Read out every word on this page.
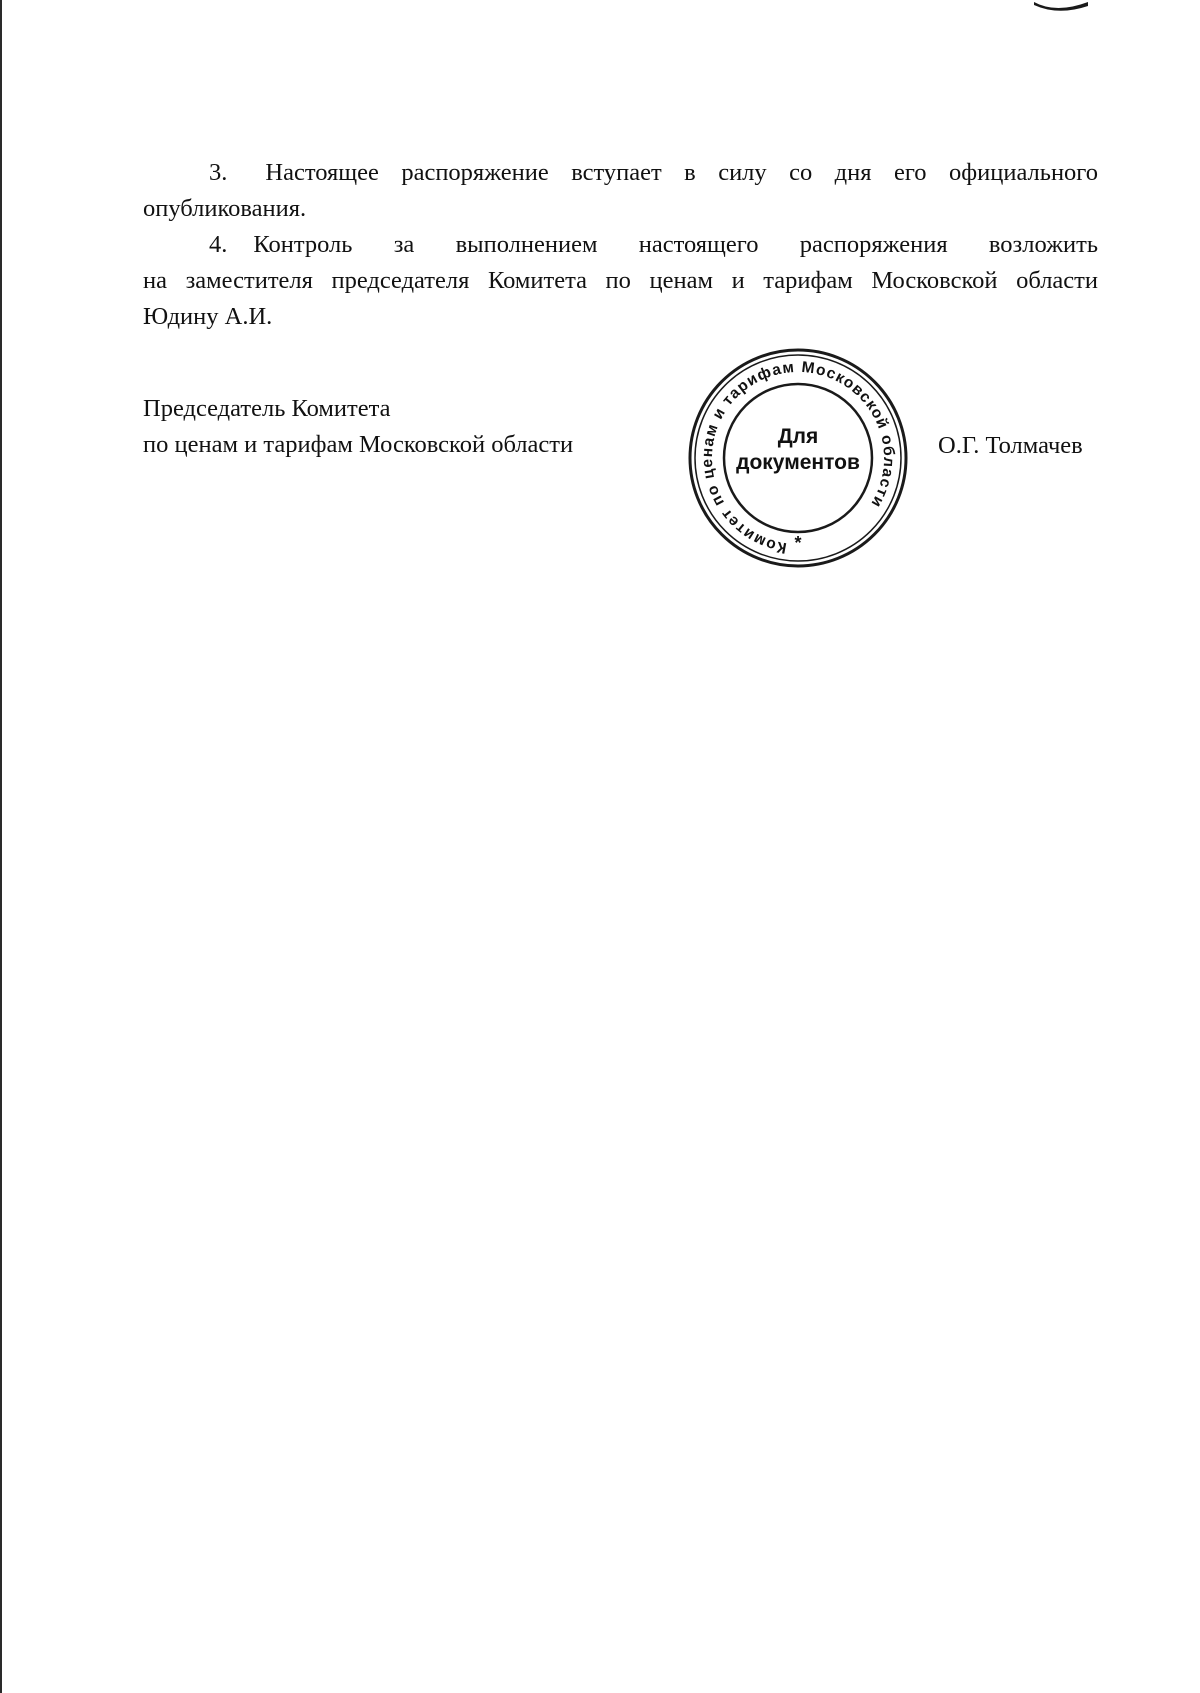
3. Настоящее распоряжение вступает в силу со дня его официального
опубликования.
4. Контроль за выполнением настоящего распоряжения возложить
на заместителя председателя Комитета по ценам и тарифам Московской области
Юдину А.И.
Председатель Комитета
по ценам и тарифам Московской области	О.Г. Толмачев
Комитет по ценам и тарифам Московской области
*
Для
документов
